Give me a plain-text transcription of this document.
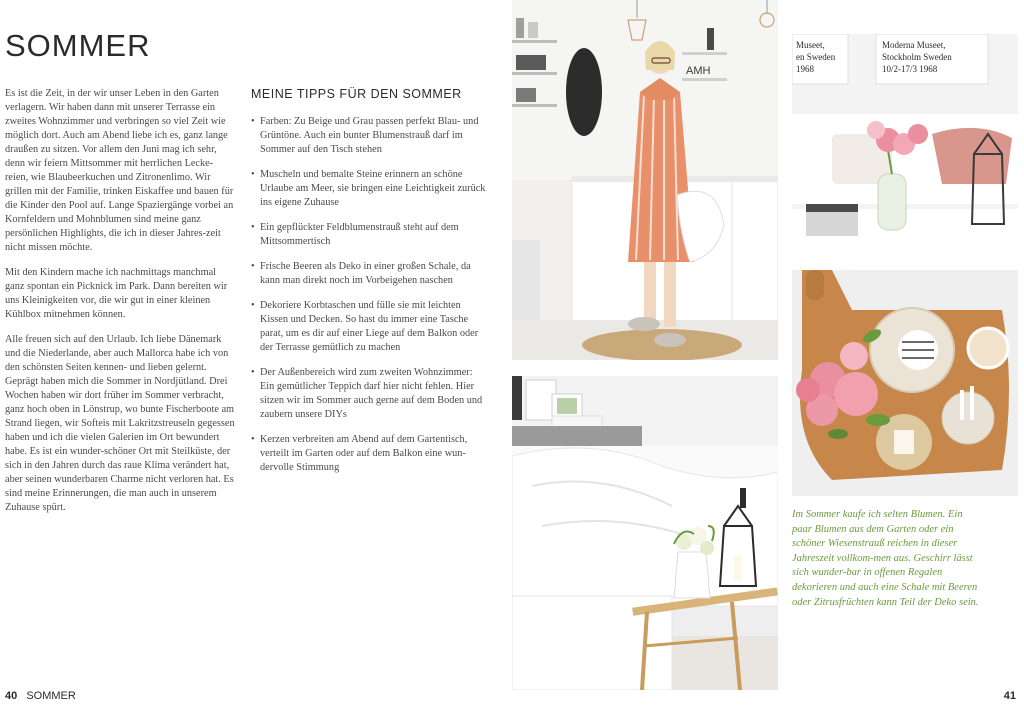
SOMMER

Es ist die Zeit, in der wir unser Leben in den Garten verlagern. Wir haben dann mit unserer Terrasse ein zweites Wohnzimmer und verbringen so viel Zeit wie möglich dort. Auch am Abend liebe ich es, ganz lange draußen zu sitzen. Vor allem den Juni mag ich sehr, denn wir feiern Mittsommer mit herrlichen Lecke-reien, wie Blaubeerkuchen und Zitronenlimo. Wir grillen mit der Familie, trinken Eiskaffee und bauen für die Kinder den Pool auf. Lange Spaziergänge vorbei an Kornfeldern und Mohnblumen sind meine ganz persönlichen Highlights, die ich in dieser Jahres-zeit nicht missen möchte.

Mit den Kindern mache ich nachmittags manchmal ganz spontan ein Picknick im Park. Dann bereiten wir uns Kleinigkeiten vor, die wir gut in einer kleinen Kühlbox mitnehmen können.

Alle freuen sich auf den Urlaub. Ich liebe Dänemark und die Niederlande, aber auch Mallorca habe ich von den schönsten Seiten kennen- und lieben gelernt. Geprägt haben mich die Sommer in Nordjütland. Drei Wochen haben wir dort früher im Sommer verbracht, ganz hoch oben in Lönstrup, wo bunte Fischerboote am Strand liegen, wir Softeis mit Lakritzstreuseln gegessen haben und ich die vielen Galerien im Ort bewundert habe. Es ist ein wunder-schöner Ort mit Steilküste, der sich in den Jahren durch das raue Klima verändert hat, aber seinen wunderbaren Charme nicht verloren hat. Es sind meine Erinnerungen, die man auch in unserem Zuhause spürt.

MEINE TIPPS FÜR DEN SOMMER
• Farben: Zu Beige und Grau passen perfekt Blau- und Grüntöne. Auch ein bunter Blumenstrauß darf im Sommer auf den Tisch stehen
• Muscheln und bemalte Steine erinnern an schöne Urlaube am Meer, sie bringen eine Leichtigkeit zurück ins eigene Zuhause
• Ein gepflückter Feldblumenstrauß steht auf dem Mittsommertisch
• Frische Beeren als Deko in einer großen Schale, da kann man direkt noch im Vorbeigehen naschen
• Dekoriere Korbtaschen und fülle sie mit leichten Kissen und Decken. So hast du immer eine Tasche parat, um es dir auf einer Liege auf dem Balkon oder der Terrasse gemütlich zu machen
• Der Außenbereich wird zum zweiten Wohnzimmer: Ein gemütlicher Teppich darf hier nicht fehlen. Hier sitzen wir im Sommer auch gerne auf dem Boden und zaubern unsere DIYs
• Kerzen verbreiten am Abend auf dem Gartentisch, verteilt im Garten oder auf dem Balkon eine wun-dervolle Stimmung
40 SOMMER
AMH
Museet,
en Sweden
1968
Moderna Museet,
Stockholm Sweden
10/2-17/3 1968
Im Sommer kaufe ich selten Blumen. Ein paar Blumen aus dem Garten oder ein schöner Wiesenstrauß reichen in dieser Jahreszeit vollkom-men aus. Geschirr lässt sich wunder-bar in offenen Regalen dekorieren und auch eine Schale mit Beeren oder Zitrusfrüchten kann Teil der Deko sein.
41
